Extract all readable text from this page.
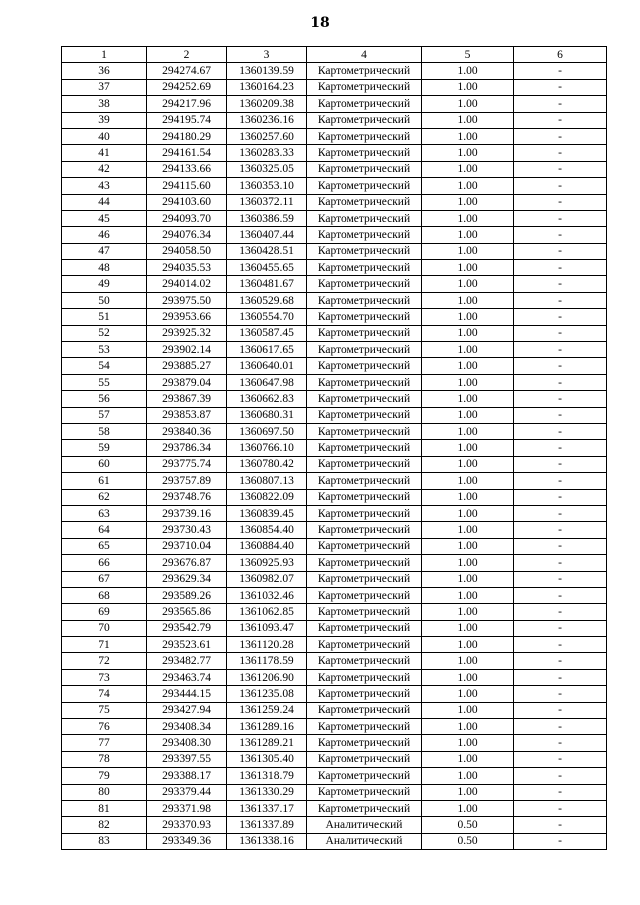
18
1	2	3	4	5	6
36	294274.67	1360139.59	Картометрический	1.00	-
37	294252.69	1360164.23	Картометрический	1.00	-
38	294217.96	1360209.38	Картометрический	1.00	-
39	294195.74	1360236.16	Картометрический	1.00	-
40	294180.29	1360257.60	Картометрический	1.00	-
41	294161.54	1360283.33	Картометрический	1.00	-
42	294133.66	1360325.05	Картометрический	1.00	-
43	294115.60	1360353.10	Картометрический	1.00	-
44	294103.60	1360372.11	Картометрический	1.00	-
45	294093.70	1360386.59	Картометрический	1.00	-
46	294076.34	1360407.44	Картометрический	1.00	-
47	294058.50	1360428.51	Картометрический	1.00	-
48	294035.53	1360455.65	Картометрический	1.00	-
49	294014.02	1360481.67	Картометрический	1.00	-
50	293975.50	1360529.68	Картометрический	1.00	-
51	293953.66	1360554.70	Картометрический	1.00	-
52	293925.32	1360587.45	Картометрический	1.00	-
53	293902.14	1360617.65	Картометрический	1.00	-
54	293885.27	1360640.01	Картометрический	1.00	-
55	293879.04	1360647.98	Картометрический	1.00	-
56	293867.39	1360662.83	Картометрический	1.00	-
57	293853.87	1360680.31	Картометрический	1.00	-
58	293840.36	1360697.50	Картометрический	1.00	-
59	293786.34	1360766.10	Картометрический	1.00	-
60	293775.74	1360780.42	Картометрический	1.00	-
61	293757.89	1360807.13	Картометрический	1.00	-
62	293748.76	1360822.09	Картометрический	1.00	-
63	293739.16	1360839.45	Картометрический	1.00	-
64	293730.43	1360854.40	Картометрический	1.00	-
65	293710.04	1360884.40	Картометрический	1.00	-
66	293676.87	1360925.93	Картометрический	1.00	-
67	293629.34	1360982.07	Картометрический	1.00	-
68	293589.26	1361032.46	Картометрический	1.00	-
69	293565.86	1361062.85	Картометрический	1.00	-
70	293542.79	1361093.47	Картометрический	1.00	-
71	293523.61	1361120.28	Картометрический	1.00	-
72	293482.77	1361178.59	Картометрический	1.00	-
73	293463.74	1361206.90	Картометрический	1.00	-
74	293444.15	1361235.08	Картометрический	1.00	-
75	293427.94	1361259.24	Картометрический	1.00	-
76	293408.34	1361289.16	Картометрический	1.00	-
77	293408.30	1361289.21	Картометрический	1.00	-
78	293397.55	1361305.40	Картометрический	1.00	-
79	293388.17	1361318.79	Картометрический	1.00	-
80	293379.44	1361330.29	Картометрический	1.00	-
81	293371.98	1361337.17	Картометрический	1.00	-
82	293370.93	1361337.89	Аналитический	0.50	-
83	293349.36	1361338.16	Аналитический	0.50	-
